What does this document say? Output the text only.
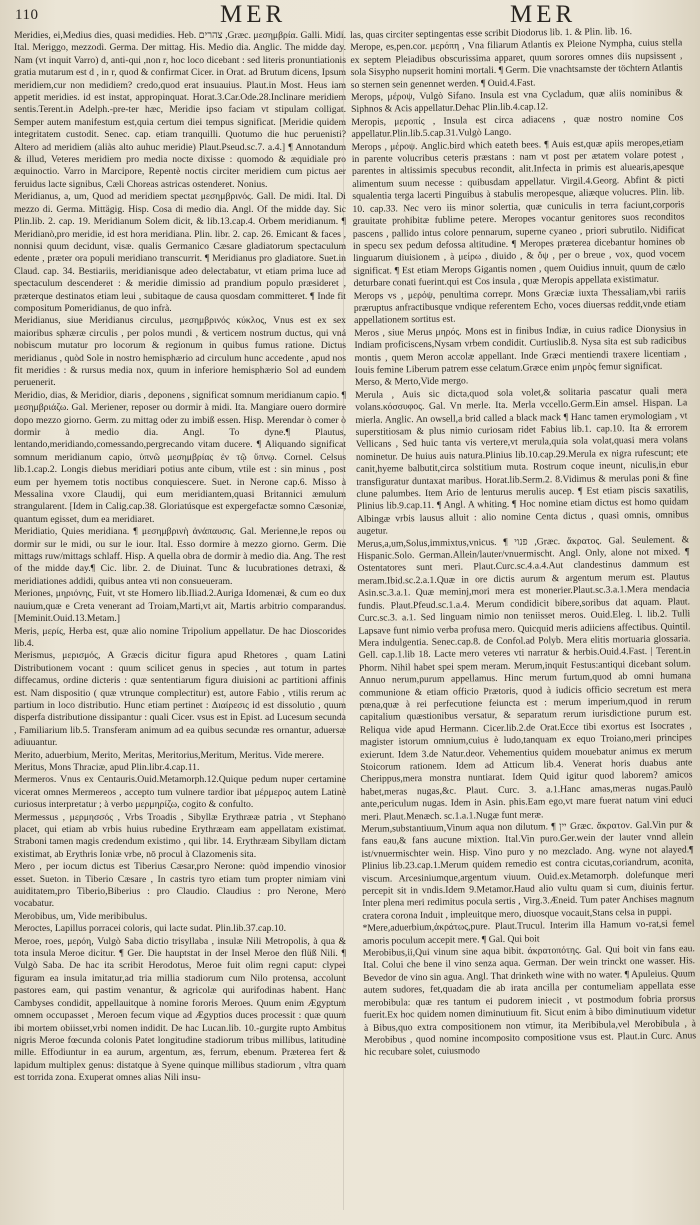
110	MER	MER

Meridies, ei,Medius dies, quasi medidies. Heb. צהרים ,Græc. μεσημβρία. Galli. Midi. Ital. Meriggo, mezzodì. Germa. Der mittag. His. Medio dia. Anglic. The midde day. Nam (vt inquit Varro) d, anti-qui ,non r, hoc loco dicebant : sed literis pronuntiationis gratia mutarum est d , in r, quod & confirmat Cicer. in Orat. ad Brutum dicens, Ipsum meridiem,cur non medidiem? credo,quod erat insuauius. Plaut.in Most. Heus iam appetit meridies. id est instat, appropinquat. Horat.3.Car.Ode.28.Inclinare meridiem sentis.Terent.in Adelph.-pre-ter hæc, Meridie ipso faciam vt stipulam colligat. Semper autem manifestum est,quia certum diei tempus significat. [Meridie quidem integritatem custodit. Senec. cap. etiam tranquilli. Quotumo die huc peruenisti? Altero ad meridiem (aliàs alto auhuc meridie) Plaut.Pseud.sc.7. a.4.] ¶ Annotandum & illud, Veteres meridiem pro media nocte dixisse : quomodo & æquidiale pro æquinoctio. Varro in Marcipore, Repentè noctis circiter meridiem cum pictus aer feruidus lacte signibus, Cæli Choreas astricas ostenderet. Nonius.

Meridianus, a, um, Quod ad meridiem spectat μεσημβρινός. Gall. De midi. Ital. Di mezzo di. Germa. Mittägig. Hisp. Cosa di medio dia. Angl. Of the midde day. Sic Plin.lib. 2. cap. 19. Meridianum Solem dicit, & lib.13.cap.4. Orbem meridianum. ¶ Meridianò,pro meridie, id est hora meridiana. Plin. libr. 2. cap. 26. Emicant & faces , nonnisi quum decidunt, visæ. qualis Germanico Cæsare gladiatorum spectaculum edente , præter ora populi meridiano transcurrit. ¶ Meridianus pro gladiatore. Suet.in Claud. cap. 34. Bestiariis, meridianisque adeo delectabatur, vt etiam prima luce ad spectaculum descenderet : & meridie dimissio ad prandium populo præsideret , præterque destinatos etiam leui , subitaque de causa quosdam committeret. ¶ Inde fit compositum Pomeridianus, de quo infrà.

Meridianus, siue Meridianus circulus, μεσημβρινός κύκλος, Vnus est ex sex maioribus sphæræ circulis , per polos mundi , & verticem nostrum ductus, qui vná nobiscum mutatur pro locorum & regionum in quibus fumus ratione. Dictus meridianus , quòd Sole in nostro hemisphærio ad circulum hunc accedente , apud nos fit meridies : & rursus media nox, quum in inferiore hemisphærio Sol ad eundem peruenerit.

Meridio, dias, & Meridior, diaris , deponens , significat somnum meridianum capio. ¶ μεσημβριάζω. Gal. Meriener, reposer ou dormir à midi. Ita. Mangiare ouero dormire dopo mezzo giorno. Germ. zu mittag oder zu imbiß essen. Hisp. Merendar ò comer ò dormir à medio dia. Angl. To dyne.¶ Plautus, lentando,meridiando,comessando,pergrecando vitam ducere. ¶ Aliquando significat somnum meridianum capio, ὑπνῶ μεσημβρίας ἐν τῷ ὕπνῳ. Cornel. Celsus lib.1.cap.2. Longis diebus meridiari potius ante cibum, vtile est : sin minus , post eum per hyemem totis noctibus conquiescere. Suet. in Nerone cap.6. Misso à Messalina vxore Claudij, qui eum meridiantem,quasi Britannici æmulum strangularent. [Idem in Calig.cap.38. Gloriatúsque est expergefactæ somno Cæsoniæ, quantum egisset, dum ea meridiaret.

Meridiatio, Quies meridiana. ¶ μεσημβρινὴ ἀνάπαυσις. Gal. Merienne,le repos ou dormir sur le midi, ou sur le iour. Ital. Esso dormire à mezzo giorno. Germ. Die mittags ruw/mittags schlaff. Hisp. A quella obra de dormir à medio dia. Ang. The rest of the midde day.¶ Cic. libr. 2. de Diuinat. Tunc & lucubrationes detraxi, & meridiationes addidi, quibus antea vti non consueueram.

Meriones, μηριόνης, Fuit, vt ste Homero lib.Iliad.2.Auriga Idomenæi, & cum eo dux nauium,quæ e Creta venerant ad Troiam,Marti,vt ait, Martis arbitrio comparandus. [Meminit.Ouid.13.Metam.]

Meris, μερίς, Herba est, quæ alio nomine Tripolium appellatur. De hac Dioscorides lib.4.

Merismus, μερισμός, A Græcis dicitur figura apud Rhetores , quam Latini Distributionem vocant : quum scilicet genus in species , aut totum in partes diffecamus, ordine dicteris : quæ sententiarum figura diuisioni ac partitioni affinis est. Nam dispositio ( quæ vtrunque complectitur) est, autore Fabio , vtilis rerum ac partium in loco distributio. Hunc etiam pertinet : Διαίρεσις id est dissolutio , quum disperfa distributione dissipantur : quali Cicer. vsus est in Epist. ad Lucesum secunda , Familiarium lib.5. Transferam animum ad ea quibus secundæ res ornantur, aduersæ adiuuantur.

Merito, aduerbium, Merito, Meritas, Meritorius,Meritum, Meritus. Vide merere.

Meritus, Mons Thraciæ, apud Plin.libr.4.cap.11.

Mermeros. Vnus ex Centauris.Ouid.Metamorph.12.Quique pedum nuper certamine vicerat omnes Mermereos , accepto tum vulnere tardior ibat μέρμερος autem Latinè curiosus interpretatur ; à verbo μερμηρίζω, cogito & confulto.

Mermessus , μερμησσός , Vrbs Troadis , Sibyllæ Erythrææ patria , vt Stephano placet, qui etiam ab vrbis huius rubedine Erythræam eam appellatam existimat. Straboni tamen magis credendum existimo , qui libr. 14. Erythræam Sibyllam dictam existimat, ab Erythris Ioniæ vrbe, nō procul à Clazomenis sita.

Mero , per iocum dictus est Tiberius Cæsar,pro Nerone: quòd impendio vinosior esset. Sueton. in Tiberio Cæsare , In castris tyro etiam tum propter nimiam vini auiditatem,pro Tiberio,Biberius : pro Claudio. Claudius : pro Nerone, Mero vocabatur.

Merobibus, um, Vide meribibulus.

Meroctes, Lapillus porracei coloris, qui lacte sudat. Plin.lib.37.cap.10.

Meroe, roes, μερόη, Vulgò Saba dictio trisyllaba , insulæ Nili Metropolis, à qua & tota insula Meroe dicitur. ¶ Ger. Die hauptstat in der Insel Meroe den flüß Nili. ¶ Vulgò Saba. De hac ita scribit Herodotus, Meroe fuit olim regni caput: clypei figuram ea insula imitatur,ad tria millia stadiorum cum Nilo protensa, accolunt pastores eam, qui pastim venantur, & agricolæ qui aurifodinas habent. Hanc Cambyses condidit, appellauitque à nomine fororis Meroes. Quum enim Ægyptum omnem occupasset , Meroen fecum vique ad Ægyptios duces processit : quæ quum ibi mortem obiisset,vrbi nomen indidit. De hac Lucan.lib. 10.-gurgite rupto Ambitus nigris Meroe fœcunda colonis Patet longitudine stadiorum tribus millibus, latitudine mille. Effodiuntur in ea aurum, argentum, æs, ferrum, ebenum. Præterea fert & lapidum multiplex genus: distatque à Syene quinque millibus stadiorum , vltra quam est torrida zona. Exuperat omnes alias Nili insu-

las, quas circiter septingentas esse scribit Diodorus lib. 1. & Plin. lib. 16.

Merope, es,pen.cor. μερόπη , Vna filiarum Atlantis ex Pleione Nympha, cuius stella ex septem Pleiadibus obscurissima apparet, quum sorores omnes diis nupsissent , sola Sisypho nupserit homini mortali. ¶ Germ. Die vnachtsamste der töchtern Atlantis so sternen sein genennet werden. ¶ Ouid.4.Fast.

Merops, μέροψ, Vulgò Sifano. Insula est vna Cycladum, quæ aliis nominibus & Siphnos & Acis appellatur.Dehac Plin.lib.4.cap.12.

Meropis, μεροπίς , Insula est circa adiacens , quæ nostro nomine Cos appellatur.Plin.lib.5.cap.31.Vulgò Lango.

Merops , μέροψ. Anglic.bird which eateth bees. ¶ Auis est,quæ apiis meropes,etiam in parente volucribus ceteris præstans : nam vt post per ætatem volare potest , parentes in altissimis specubus recondit, alit.Infecta in primis est aluearis,apesque alimentum suum necesse : quibusdam appellatur. Virgil.4.Georg. Abfint & picti squalentia terga lacerti Pinguibus à stabulis meropesque, aliæque volucres. Plin. lib. 10. cap.33. Nec vero iis minor solertia, quæ cuniculis in terra faciunt,corporis grauitate prohibitæ fublime petere. Meropes vocantur genitores suos reconditos pascens , pallido intus colore pennarum, superne cyaneo , priori subrutilo. Nidificat in specu sex pedum defossa altitudine. ¶ Meropes præterea dicebantur homines ob linguarum diuisionem , à μείρω , diuido , & ὄψ , per o breue , vox, quod vocem significat. ¶ Est etiam Merops Gigantis nomen , quem Ouidius innuit, quum de cælo deturbare conati fuerint.qui est Cos insula , quæ Meropis appellata existimatur.

Merops vs , μερόψ, penultima correpr. Mons Græciæ iuxta Thessaliam,vbi rariis præruptus anfractibusque vndique referentem Echo, voces diuersas reddit,vnde etiam appellationem sortitus est.

Meros , siue Merus μηρός. Mons est in finibus Indiæ, in cuius radice Dionysius in Indiam proficiscens,Nysam vrbem condidit. Curtiuslib.8. Nysa sita est sub radicibus montis , quem Meron accolæ appellant. Inde Græci mentiendi traxere licentiam , Iouis femine Liberum patrem esse celatum.Græce enim μηρὸς femur significat.

Merso, & Merto,Vide mergo.

Merula , Auis sic dicta,quod sola volet,& solitaria pascatur quali mera volans.κόσσυφος. Gal. Vn merle. Ita. Merla vccello.Germ.Ein amsel. Hispan. La mierla. Anglic. An owsell,a brid called a black mack ¶ Hanc tamen erymologiam , vt superstitiosam & plus nimio curiosam ridet Fabius lib.1. cap.10. Ita & errorem Vellicans , Sed huic tanta vis vertere,vt merula,quia sola volat,quasi mera volans nominetur. De huius auis natura.Plinius lib.10.cap.29.Merula ex nigra rufescunt; ete canit,hyeme balbutit,circa solstitium muta. Rostrum coque ineunt, niculis,in ebur transfiguratur duntaxat maribus. Horat.lib.Serm.2. 8.Vidimus & merulas poni & fine clune palumbes. Item Ario de lenturus merulis aucep. ¶ Est etiam piscis saxatilis, Plinius lib.9.cap.11. ¶ Angl. A whiting. ¶ Hoc nomine etiam dictus est homo quidam Albingæ vrbis lausus alluit : alio nomine Centa dictus , quasi omnis, omnibus augetur.

Merus,a,um,Solus,immixtus,vnicus. ¶ פנוי ,Græc. ἄκρατος. Gal. Seulement. & Hispanic.Solo. German.Allein/lauter/vnuermischt. Angl. Only, alone not mixed. ¶ Ostentatores sunt meri. Plaut.Curc.sc.4.a.4.Aut clandestinus dammum est meram.Ibid.sc.2.a.1.Quæ in ore dictis aurum & argentum merum est. Plautus Asin.sc.3.a.1. Quæ meminj,mori mera est monerier.Plaut.sc.3.a.1.Mera mendacia fundis. Plaut.Pfeud.sc.1.a.4. Merum condidicit bibere,soribus dat aquam. Plaut. Curc.sc.3. a.1. Sed linguam nimio non teniisset meros. Ouid.Eleg. l. lib.2. Tulli Lapsave funt nimio verba profusa mero. Quicquid meris adiiciens affectibus. Quintil. Mera indulgentia. Senec.cap.8. de Confol.ad Polyb. Mera elitis mortuaria glossaria. Gell. cap.1.lib 18. Lacte mero veteres vti narratur & herbis.Ouid.4.Fast. | Terent.in Phorm. Nihil habet spei spem meram. Merum,inquit Festus:antiqui dicebant solum. Annuo nerum,purum appellamus. Hinc merum furtum,quod ab omni humana communione & etiam officio Prætoris, quod à iudicis officio secretum est mera pœna,quæ à rei perfecutione feiuncta est : merum imperium,quod in rerum capitalium quæstionibus versatur, & separatum rerum iurisdictione purum est. Reliqua vide apud Hermann. Cicer.lib.2.de Orat.Ecce tibi exortus est Isocrates , magister istorum omnium,cuius è ludo,tanquam ex equo Troiano,meri principes exierunt. Idem 3.de Natur.deor. Vehementius quidem mouebatur animus ex merum Stoicorum rationem. Idem ad Atticum lib.4. Venerat horis duabus ante Cherippus,mera monstra nuntiarat. Idem Quid igitur quod laborem? amicos habet,meras nugas,&c. Plaut. Curc. 3. a.1.Hanc amas,meras nugas.Paulò ante,periculum nugas. Idem in Asin. phis.Eam ego,vt mare fuerat natum vini educi meri. Plaut.Menæch. sc.1.a.1.Nugæ funt meræ.

Merum,substantiuum,Vinum aqua non dilutum. ¶ יין Græc. ἄκρατον. Gal.Vin pur & fans eau,& fans aucune mixtion. Ital.Vin puro.Ger.wein der lauter vnnd allein ist/vnuermischter wein. Hisp. Vino puro y no mezclado. Ang. wyne not alayed.¶ Plinius lib.23.cap.1.Merum quidem remedio est contra cicutas,coriandrum, aconita, viscum. Arcesiniumque,argentum viuum. Ouid.ex.Metamorph. dolefunque meri percepit sit in vndis.Idem 9.Metamor.Haud alio vultu quam si cum, diuinis fertur. Inter plena meri redimitus pocula sertis , Virg.3.Æneid. Tum pater Anchises magnum cratera corona Induit , impleuitque mero, diuosque vocauit,Stans celsa in puppi.

*Mere,aduerbium,ἀκράτως,pure. Plaut.Trucul. Interim illa Hamum vo-rat,si femel amoris poculum accepit mere. ¶ Gal. Qui boit

Merobibus,ii,Qui vinum sine aqua bibit. ἀκρατοπότης. Gal. Qui boit vin fans eau. Ital. Colui che bene il vino senza aqua. German. Der wein trinckt one wasser. His. Bevedor de vino sin agua. Angl. That drinketh wine with no water. ¶ Apuleius. Quum autem sudores, fet,quadam die ab irata ancilla per contumeliam appellata esse merobibula: quæ res tantum ei pudorem iniecit , vt postmodum fobria prorsus fuerit.Ex hoc quidem nomen diminutiuum fit. Sicut enim à bibo diminutiuum videtur à Bibus,quo extra compositionem non vtimur, ita Meribibula,vel Merobibula , à Merobibus , quod nomine incomposito compositione vsus est. Plaut.in Curc. Anus hic recubare solet, cuiusmodo
